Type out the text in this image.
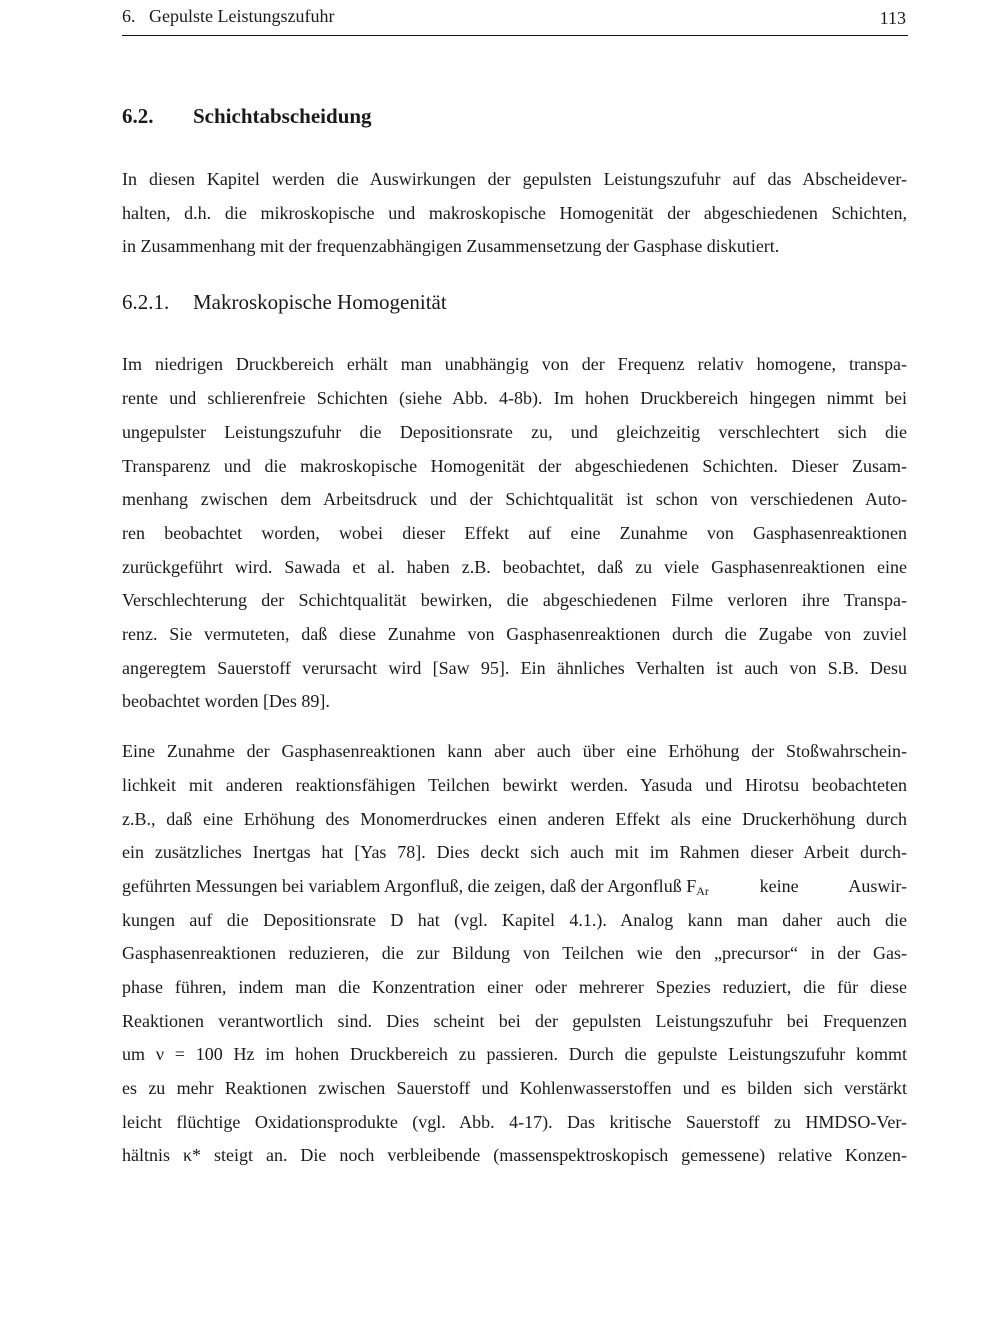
6. Gepulste Leistungszufuhr	113
6.2. Schichtabscheidung
In diesen Kapitel werden die Auswirkungen der gepulsten Leistungszufuhr auf das Abscheidever-
halten, d.h. die mikroskopische und makroskopische Homogenität der abgeschiedenen Schichten,
in Zusammenhang mit der frequenzabhängigen Zusammensetzung der Gasphase diskutiert.
6.2.1. Makroskopische Homogenität
Im niedrigen Druckbereich erhält man unabhängig von der Frequenz relativ homogene, transpa-
rente und schlierenfreie Schichten (siehe Abb. 4-8b). Im hohen Druckbereich hingegen nimmt bei
ungepulster Leistungszufuhr die Depositionsrate zu, und gleichzeitig verschlechtert sich die
Transparenz und die makroskopische Homogenität der abgeschiedenen Schichten. Dieser Zusam-
menhang zwischen dem Arbeitsdruck und der Schichtqualität ist schon von verschiedenen Auto-
ren beobachtet worden, wobei dieser Effekt auf eine Zunahme von Gasphasenreaktionen
zurückgeführt wird. Sawada et al. haben z.B. beobachtet, daß zu viele Gasphasenreaktionen eine
Verschlechterung der Schichtqualität bewirken, die abgeschiedenen Filme verloren ihre Transpa-
renz. Sie vermuteten, daß diese Zunahme von Gasphasenreaktionen durch die Zugabe von zuviel
angeregtem Sauerstoff verursacht wird [Saw 95]. Ein ähnliches Verhalten ist auch von S.B. Desu
beobachtet worden [Des 89].
Eine Zunahme der Gasphasenreaktionen kann aber auch über eine Erhöhung der Stoßwahrschein-
lichkeit mit anderen reaktionsfähigen Teilchen bewirkt werden. Yasuda und Hirotsu beobachteten
z.B., daß eine Erhöhung des Monomerdruckes einen anderen Effekt als eine Druckerhöhung durch
ein zusätzliches Inertgas hat [Yas 78]. Dies deckt sich auch mit im Rahmen dieser Arbeit durch-
geführten Messungen bei variablem Argonfluß, die zeigen, daß der Argonfluß F $_{Ar}$ keine Auswir-
kungen auf die Depositionsrate D hat (vgl. Kapitel 4.1.). Analog kann man daher auch die
Gasphasenreaktionen reduzieren, die zur Bildung von Teilchen wie den „precursor“ in der Gas-
phase führen, indem man die Konzentration einer oder mehrerer Spezies reduziert, die für diese
Reaktionen verantwortlich sind. Dies scheint bei der gepulsten Leistungszufuhr bei Frequenzen
um ν = 100 Hz im hohen Druckbereich zu passieren. Durch die gepulste Leistungszufuhr kommt
es zu mehr Reaktionen zwischen Sauerstoff und Kohlenwasserstoffen und es bilden sich verstärkt
leicht flüchtige Oxidationsprodukte (vgl. Abb. 4-17). Das kritische Sauerstoff zu HMDSO-Ver-
hältnis κ* steigt an. Die noch verbleibende (massenspektroskopisch gemessene) relative Konzen-
